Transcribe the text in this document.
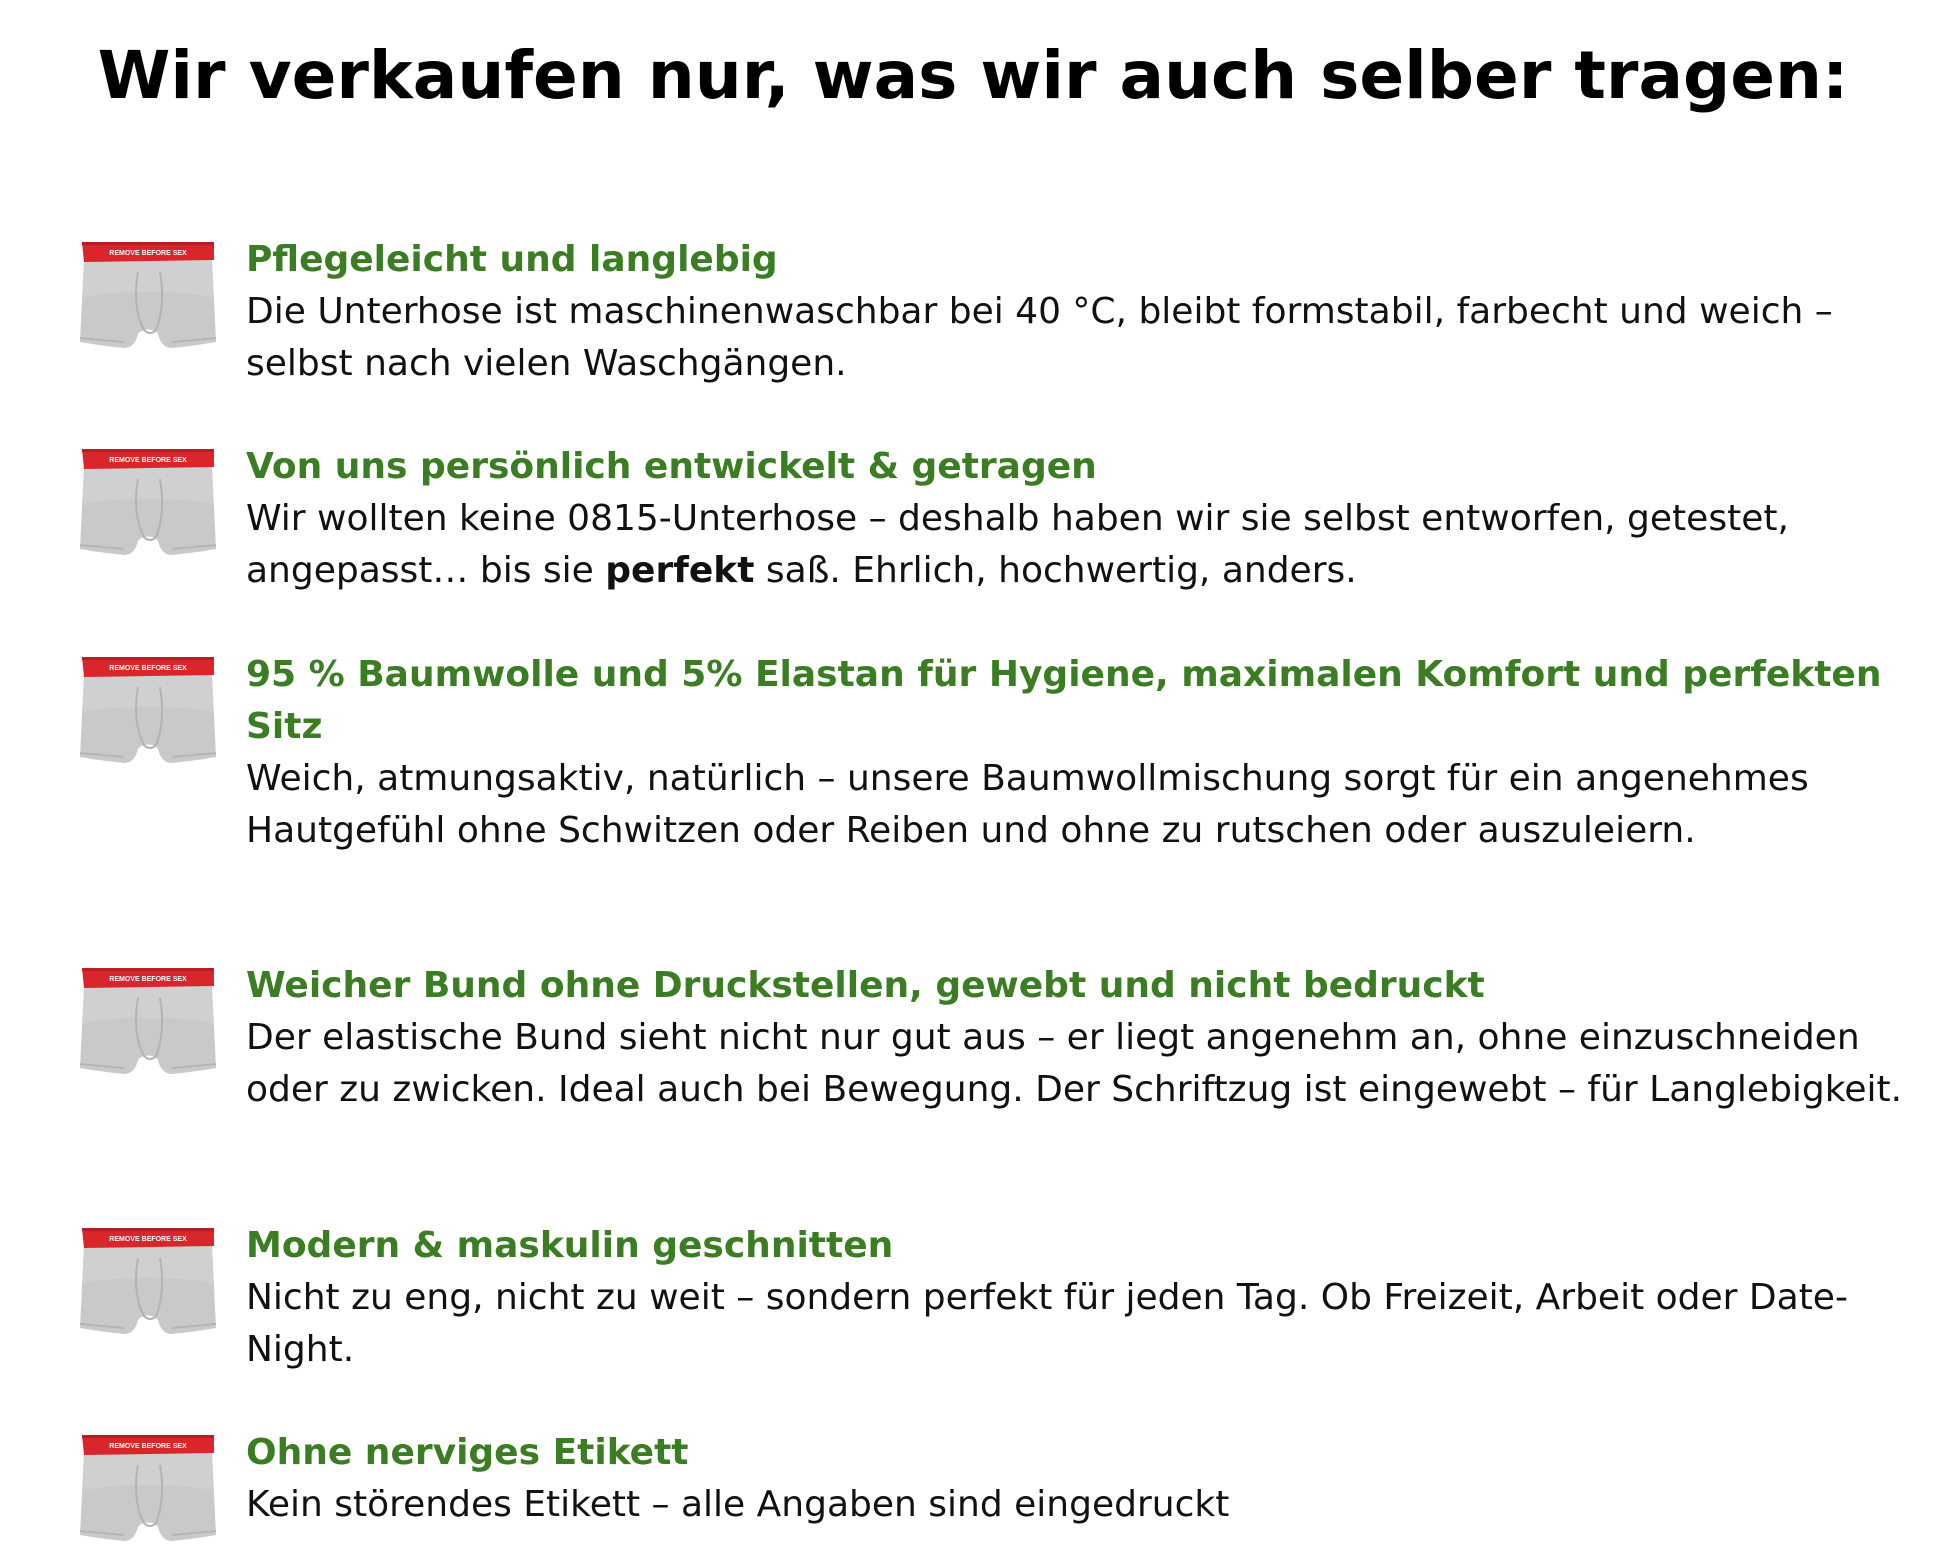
Wir verkaufen nur, was wir auch selber tragen:
REMOVE BEFORE SEX Pflegeleicht und langlebig

Die Unterhose ist maschinenwaschbar bei 40 °C, bleibt formstabil, farbecht und weich – selbst nach vielen Waschgängen.

REMOVE BEFORE SEX Von uns persönlich entwickelt & getragen

Wir wollten keine 0815-Unterhose – deshalb haben wir sie selbst entworfen, getestet, angepasst… bis sie perfekt saß. Ehrlich, hochwertig, anders.

REMOVE BEFORE SEX 95 % Baumwolle und 5% Elastan für Hygiene, maximalen Komfort und perfekten Sitz

Weich, atmungsaktiv, natürlich – unsere Baumwollmischung sorgt für ein angenehmes Hautgefühl ohne Schwitzen oder Reiben und ohne zu rutschen oder auszuleiern.

REMOVE BEFORE SEX Weicher Bund ohne Druckstellen, gewebt und nicht bedruckt

Der elastische Bund sieht nicht nur gut aus – er liegt angenehm an, ohne einzuschneiden oder zu zwicken. Ideal auch bei Bewegung. Der Schriftzug ist eingewebt – für Langlebigkeit.

REMOVE BEFORE SEX Modern & maskulin geschnitten

Nicht zu eng, nicht zu weit – sondern perfekt für jeden Tag. Ob Freizeit, Arbeit oder Date-Night.

REMOVE BEFORE SEX Ohne nerviges Etikett

Kein störendes Etikett – alle Angaben sind eingedruckt
